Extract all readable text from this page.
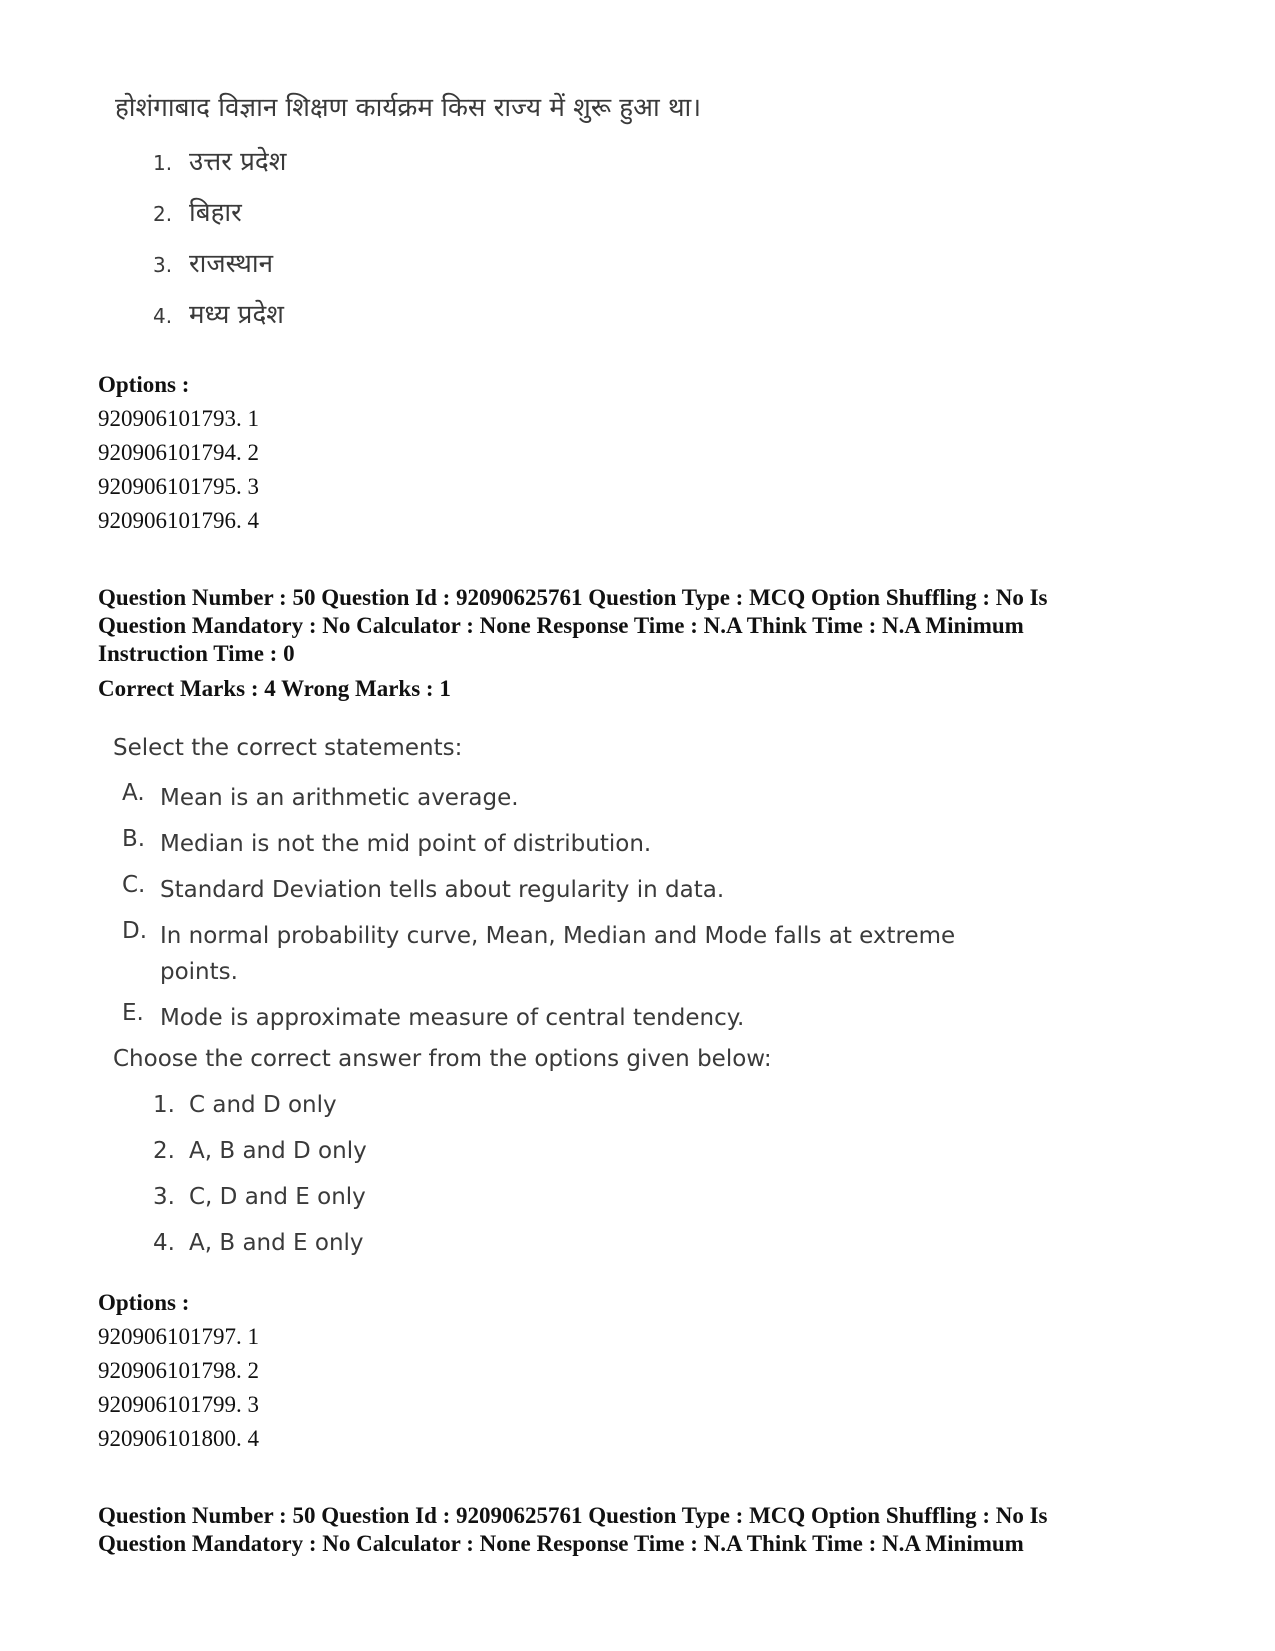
होशंगाबाद विज्ञान शिक्षण कार्यक्रम किस राज्य में शुरू हुआ था।
1. उत्तर प्रदेश
2. बिहार
3. राजस्थान
4. मध्य प्रदेश
Options :
920906101793. 1
920906101794. 2
920906101795. 3
920906101796. 4
Question Number : 50 Question Id : 92090625761 Question Type : MCQ Option Shuffling : No Is
Question Mandatory : No Calculator : None Response Time : N.A Think Time : N.A Minimum
Instruction Time : 0
Correct Marks : 4 Wrong Marks : 1
Select the correct statements:
A. Mean is an arithmetic average.
B. Median is not the mid point of distribution.
C. Standard Deviation tells about regularity in data.
D. In normal probability curve, Mean, Median and Mode falls at extreme
points.
E. Mode is approximate measure of central tendency.
Choose the correct answer from the options given below:
1. C and D only
2. A, B and D only
3. C, D and E only
4. A, B and E only
Options :
920906101797. 1
920906101798. 2
920906101799. 3
920906101800. 4
Question Number : 50 Question Id : 92090625761 Question Type : MCQ Option Shuffling : No Is
Question Mandatory : No Calculator : None Response Time : N.A Think Time : N.A Minimum
